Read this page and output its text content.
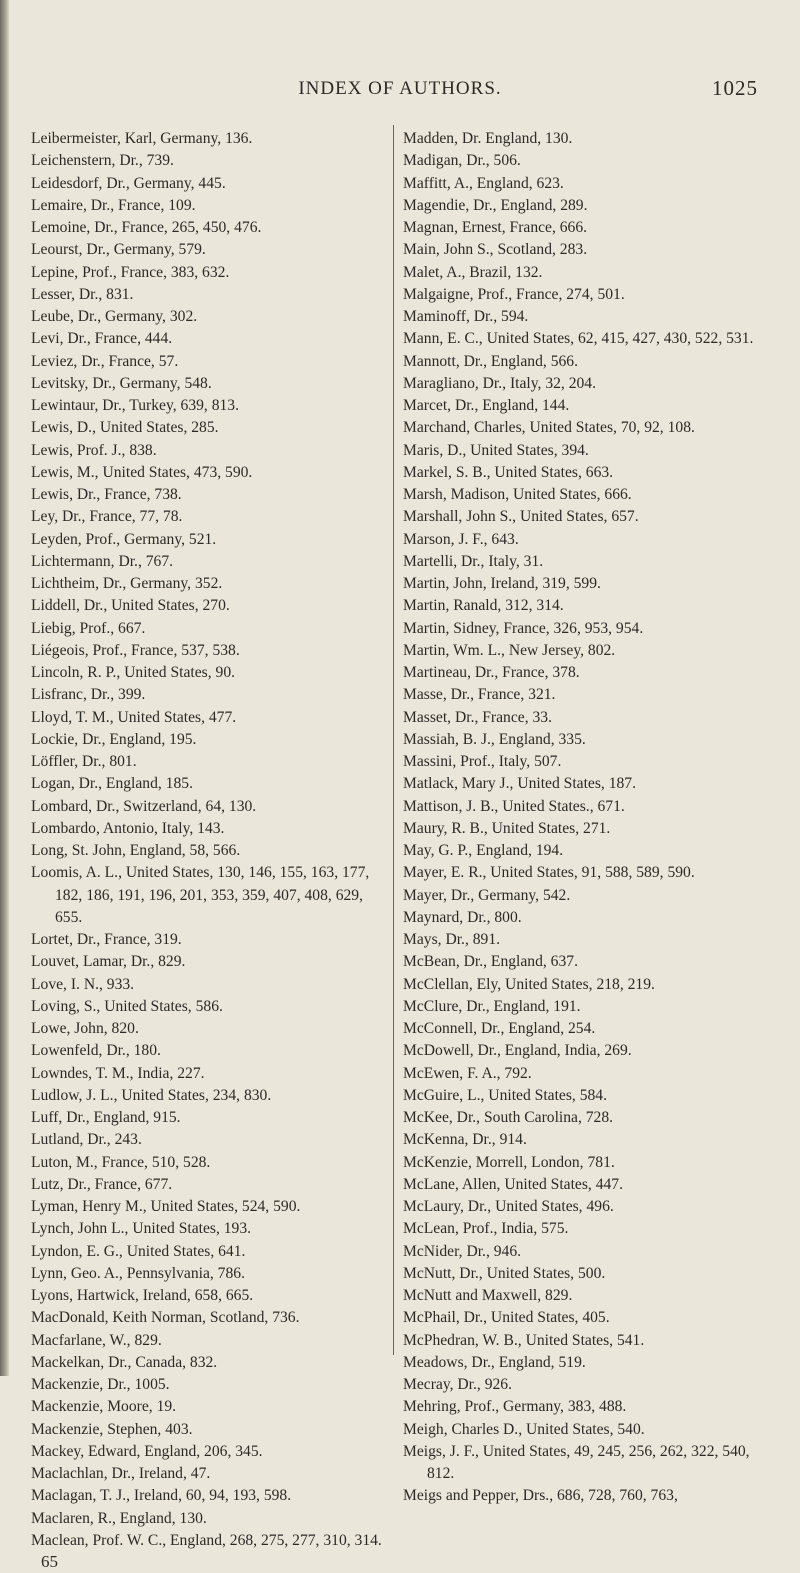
INDEX OF AUTHORS.	1025
Leibermeister, Karl, Germany, 136.
Leichenstern, Dr., 739.
Leidesdorf, Dr., Germany, 445.
Lemaire, Dr., France, 109.
Lemoine, Dr., France, 265, 450, 476.
Leourst, Dr., Germany, 579.
Lepine, Prof., France, 383, 632.
Lesser, Dr., 831.
Leube, Dr., Germany, 302.
Levi, Dr., France, 444.
Leviez, Dr., France, 57.
Levitsky, Dr., Germany, 548.
Lewintaur, Dr., Turkey, 639, 813.
Lewis, D., United States, 285.
Lewis, Prof. J., 838.
Lewis, M., United States, 473, 590.
Lewis, Dr., France, 738.
Ley, Dr., France, 77, 78.
Leyden, Prof., Germany, 521.
Lichtermann, Dr., 767.
Lichtheim, Dr., Germany, 352.
Liddell, Dr., United States, 270.
Liebig, Prof., 667.
Liégeois, Prof., France, 537, 538.
Lincoln, R. P., United States, 90.
Lisfranc, Dr., 399.
Lloyd, T. M., United States, 477.
Lockie, Dr., England, 195.
Löffler, Dr., 801.
Logan, Dr., England, 185.
Lombard, Dr., Switzerland, 64, 130.
Lombardo, Antonio, Italy, 143.
Long, St. John, England, 58, 566.
Loomis, A. L., United States, 130, 146, 155, 163, 177, 182, 186, 191, 196, 201, 353, 359, 407, 408, 629, 655.
Lortet, Dr., France, 319.
Louvet, Lamar, Dr., 829.
Love, I. N., 933.
Loving, S., United States, 586.
Lowe, John, 820.
Lowenfeld, Dr., 180.
Lowndes, T. M., India, 227.
Ludlow, J. L., United States, 234, 830.
Luff, Dr., England, 915.
Lutland, Dr., 243.
Luton, M., France, 510, 528.
Lutz, Dr., France, 677.
Lyman, Henry M., United States, 524, 590.
Lynch, John L., United States, 193.
Lyndon, E. G., United States, 641.
Lynn, Geo. A., Pennsylvania, 786.
Lyons, Hartwick, Ireland, 658, 665.
MacDonald, Keith Norman, Scotland, 736.
Macfarlane, W., 829.
Mackelkan, Dr., Canada, 832.
Mackenzie, Dr., 1005.
Mackenzie, Moore, 19.
Mackenzie, Stephen, 403.
Mackey, Edward, England, 206, 345.
Maclachlan, Dr., Ireland, 47.
Maclagan, T. J., Ireland, 60, 94, 193, 598.
Maclaren, R., England, 130.
Maclean, Prof. W. C., England, 268, 275, 277, 310, 314.
65
Madden, Dr. England, 130.
Madigan, Dr., 506.
Maffitt, A., England, 623.
Magendie, Dr., England, 289.
Magnan, Ernest, France, 666.
Main, John S., Scotland, 283.
Malet, A., Brazil, 132.
Malgaigne, Prof., France, 274, 501.
Maminoff, Dr., 594.
Mann, E. C., United States, 62, 415, 427, 430, 522, 531.
Mannott, Dr., England, 566.
Maragliano, Dr., Italy, 32, 204.
Marcet, Dr., England, 144.
Marchand, Charles, United States, 70, 92, 108.
Maris, D., United States, 394.
Markel, S. B., United States, 663.
Marsh, Madison, United States, 666.
Marshall, John S., United States, 657.
Marson, J. F., 643.
Martelli, Dr., Italy, 31.
Martin, John, Ireland, 319, 599.
Martin, Ranald, 312, 314.
Martin, Sidney, France, 326, 953, 954.
Martin, Wm. L., New Jersey, 802.
Martineau, Dr., France, 378.
Masse, Dr., France, 321.
Masset, Dr., France, 33.
Massiah, B. J., England, 335.
Massini, Prof., Italy, 507.
Matlack, Mary J., United States, 187.
Mattison, J. B., United States., 671.
Maury, R. B., United States, 271.
May, G. P., England, 194.
Mayer, E. R., United States, 91, 588, 589, 590.
Mayer, Dr., Germany, 542.
Maynard, Dr., 800.
Mays, Dr., 891.
McBean, Dr., England, 637.
McClellan, Ely, United States, 218, 219.
McClure, Dr., England, 191.
McConnell, Dr., England, 254.
McDowell, Dr., England, India, 269.
McEwen, F. A., 792.
McGuire, L., United States, 584.
McKee, Dr., South Carolina, 728.
McKenna, Dr., 914.
McKenzie, Morrell, London, 781.
McLane, Allen, United States, 447.
McLaury, Dr., United States, 496.
McLean, Prof., India, 575.
McNider, Dr., 946.
McNutt, Dr., United States, 500.
McNutt and Maxwell, 829.
McPhail, Dr., United States, 405.
McPhedran, W. B., United States, 541.
Meadows, Dr., England, 519.
Mecray, Dr., 926.
Mehring, Prof., Germany, 383, 488.
Meigh, Charles D., United States, 540.
Meigs, J. F., United States, 49, 245, 256, 262, 322, 540, 812.
Meigs and Pepper, Drs., 686, 728, 760, 763,
